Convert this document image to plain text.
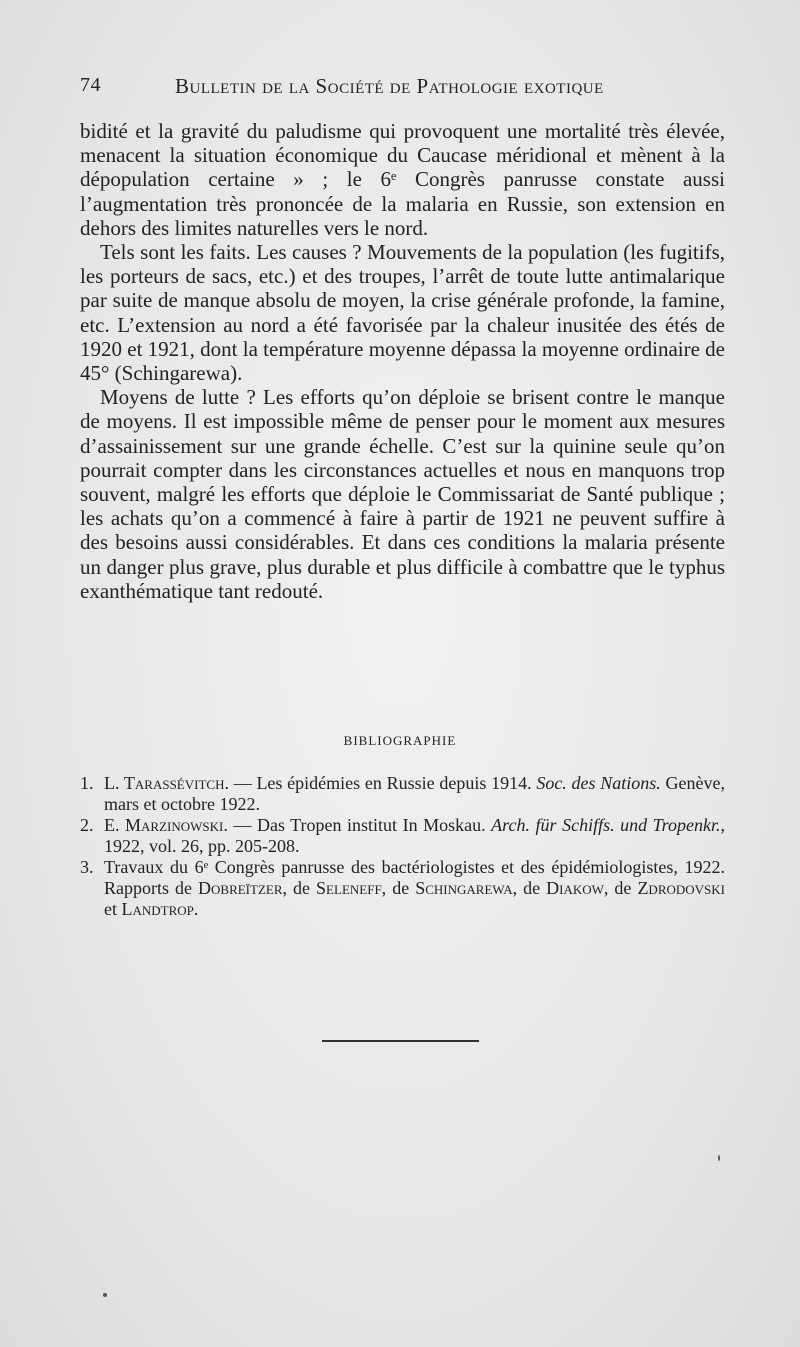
74	Bulletin de la Société de Pathologie exotique

bidité et la gravité du paludisme qui provoquent une mortalité très élevée, menacent la situation économique du Caucase méridional et mènent à la dépopulation certaine » ; le 6ᵉ Congrès panrusse constate aussi l’augmentation très prononcée de la malaria en Russie, son extension en dehors des limites naturelles vers le nord.

Tels sont les faits. Les causes ? Mouvements de la population (les fugitifs, les porteurs de sacs, etc.) et des troupes, l’arrêt de toute lutte antimalarique par suite de manque absolu de moyen, la crise générale profonde, la famine, etc. L’extension au nord a été favorisée par la chaleur inusitée des étés de 1920 et 1921, dont la température moyenne dépassa la moyenne ordinaire de 45° (Schingarewa).

Moyens de lutte ? Les efforts qu’on déploie se brisent contre le manque de moyens. Il est impossible même de penser pour le moment aux mesures d’assainissement sur une grande échelle. C’est sur la quinine seule qu’on pourrait compter dans les circonstances actuelles et nous en manquons trop souvent, malgré les efforts que déploie le Commissariat de Santé publique ; les achats qu’on a commencé à faire à partir de 1921 ne peuvent suffire à des besoins aussi considérables. Et dans ces conditions la malaria présente un danger plus grave, plus durable et plus difficile à combattre que le typhus exanthématique tant redouté.

BIBLIOGRAPHIE
1. L. Tarassévitch. — Les épidémies en Russie depuis 1914. Soc. des Nations. Genève, mars et octobre 1922.
2. E. Marzinowski. — Das Tropen institut In Moskau. Arch. für Schiffs. und Tropenkr., 1922, vol. 26, pp. 205-208.
3. Travaux du 6ᵉ Congrès panrusse des bactériologistes et des épidémiologistes, 1922. Rapports de Dobreïtzer, de Seleneff, de Schingarewa, de Diakow, de Zdrodovski et Landtrop.
